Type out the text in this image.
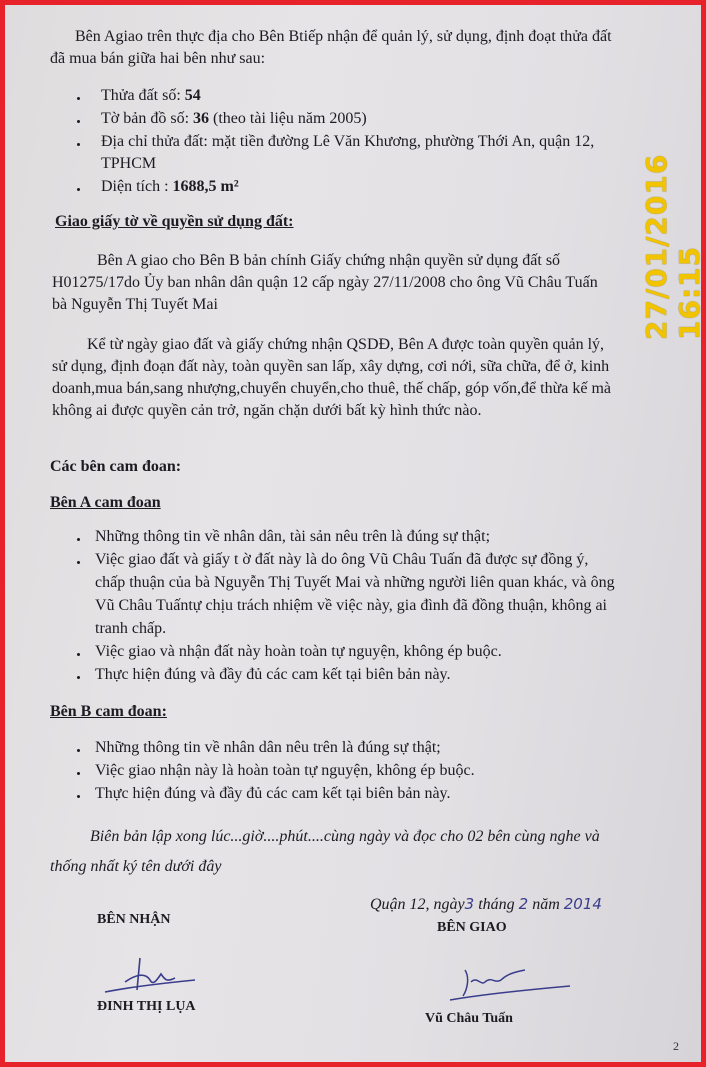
Bên Agiao trên thực địa cho Bên Btiếp nhận để quản lý, sử dụng, định đoạt thửa đất

đã mua bán giữa hai bên như sau:

Thửa đất số: 54

Tờ bản đồ số: 36 (theo tài liệu năm 2005)

Địa chỉ thửa đất: mặt tiền đường Lê Văn Khương, phường Thới An, quận 12,

TPHCM

Diện tích : 1688,5 m²

Giao giấy tờ về quyền sử dụng đất:

Bên A giao cho Bên B bản chính Giấy chứng nhận quyền sử dụng đất số

H01275/17do Ủy ban nhân dân quận 12 cấp ngày 27/11/2008 cho ông Vũ Châu Tuấn

bà Nguyễn Thị Tuyết Mai

Kể từ ngày giao đất và giấy chứng nhận QSDĐ, Bên A được toàn quyền quản lý,

sử dụng, định đoạn đất này, toàn quyền san lấp, xây dựng, cơi nới, sữa chữa, để ở, kinh

doanh,mua bán,sang nhượng,chuyển chuyển,cho thuê, thế chấp, góp vốn,để thừa kế mà

không ai được quyền cản trở, ngăn chặn dưới bất kỳ hình thức nào.

Các bên cam đoan:

Bên A cam đoan

Những thông tin về nhân dân, tài sản nêu trên là đúng sự thật;

Việc giao đất và giấy t ờ đất này là do ông Vũ Châu Tuấn đã được sự đồng ý,

chấp thuận của bà Nguyễn Thị Tuyết Mai và những người liên quan khác, và ông

Vũ Châu Tuấntự chịu trách nhiệm về việc này, gia đình đã đồng thuận, không ai

tranh chấp.

Việc giao và nhận đất này hoàn toàn tự nguyện, không ép buộc.

Thực hiện đúng và đầy đủ các cam kết tại biên bản này.

Bên B cam đoan:

Những thông tin về nhân dân nêu trên là đúng sự thật;

Việc giao nhận này là hoàn toàn tự nguyện, không ép buộc.

Thực hiện đúng và đầy đủ các cam kết tại biên bản này.

Biên bản lập xong lúc...giờ....phút....cùng ngày và đọc cho 02 bên cùng nghe và

thống nhất ký tên dưới đây

Quận 12, ngày3 tháng 2 năm 2014

BÊN NHẬN

BÊN GIAO

ĐINH THỊ LỤA

Vũ Châu Tuấn

27/01/2016 16:15
2
